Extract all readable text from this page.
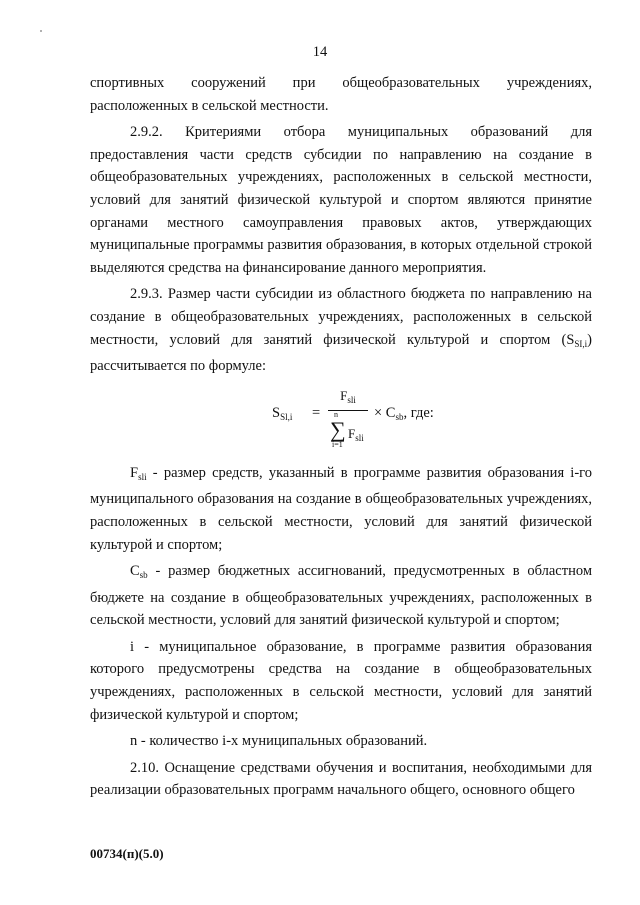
14

спортивных сооружений при общеобразовательных учреждениях, расположенных в сельской местности.

2.9.2. Критериями отбора муниципальных образований для предоставления части средств субсидии по направлению на создание в общеобразовательных учреждениях, расположенных в сельской местности, условий для занятий физической культурой и спортом являются принятие органами местного самоуправления правовых актов, утверждающих муниципальные программы развития образования, в которых отдельной строкой выделяются средства на финансирование данного мероприятия.

2.9.3. Размер части субсидии из областного бюджета по направлению на создание в общеобразовательных учреждениях, расположенных в сельской местности, условий для занятий физической культурой и спортом $(S_{SI,i})$ рассчитывается по формуле:

$S_{Sl,i}$ =
$F_{sli}$
n
∑
i=1
$F_{sli}$
× $C_{sb}$, где:

$F_{sli}$ - размер средств, указанный в программе развития образования i-го муниципального образования на создание в общеобразовательных учреждениях, расположенных в сельской местности, условий для занятий физической культурой и спортом;

$C_{sb}$ - размер бюджетных ассигнований, предусмотренных в областном бюджете на создание в общеобразовательных учреждениях, расположенных в сельской местности, условий для занятий физической культурой и спортом;

i - муниципальное образование, в программе развития образования которого предусмотрены средства на создание в общеобразовательных учреждениях, расположенных в сельской местности, условий для занятий физической культурой и спортом;

n - количество i-х муниципальных образований.

2.10. Оснащение средствами обучения и воспитания, необходимыми для реализации образовательных программ начального общего, основного общего

00734(п)(5.0)
